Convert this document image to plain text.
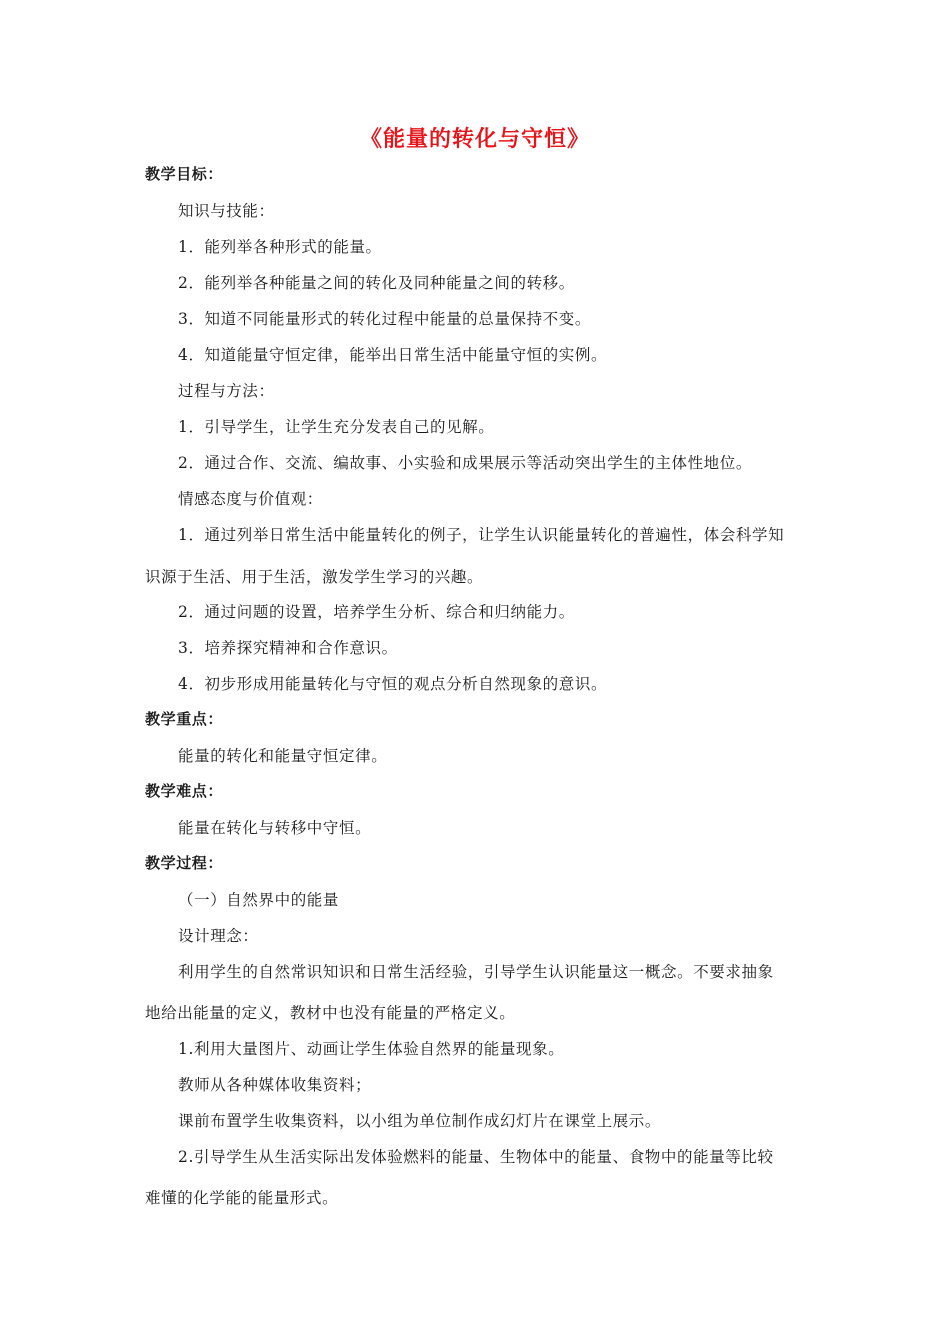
《能量的转化与守恒》
教学目标：
知识与技能：
1．能列举各种形式的能量。
2．能列举各种能量之间的转化及同种能量之间的转移。
3．知道不同能量形式的转化过程中能量的总量保持不变。
4．知道能量守恒定律，能举出日常生活中能量守恒的实例。
过程与方法：
1．引导学生，让学生充分发表自己的见解。
2．通过合作、交流、编故事、小实验和成果展示等活动突出学生的主体性地位。
情感态度与价值观：
1．通过列举日常生活中能量转化的例子，让学生认识能量转化的普遍性，体会科学知
识源于生活、用于生活，激发学生学习的兴趣。
2．通过问题的设置，培养学生分析、综合和归纳能力。
3．培养探究精神和合作意识。
4．初步形成用能量转化与守恒的观点分析自然现象的意识。
教学重点：
能量的转化和能量守恒定律。
教学难点：
能量在转化与转移中守恒。
教学过程：
（一）自然界中的能量
设计理念：
利用学生的自然常识知识和日常生活经验，引导学生认识能量这一概念。不要求抽象
地给出能量的定义，教材中也没有能量的严格定义。
1.利用大量图片、动画让学生体验自然界的能量现象。
教师从各种媒体收集资料；
课前布置学生收集资料，以小组为单位制作成幻灯片在课堂上展示。
2.引导学生从生活实际出发体验燃料的能量、生物体中的能量、食物中的能量等比较
难懂的化学能的能量形式。
